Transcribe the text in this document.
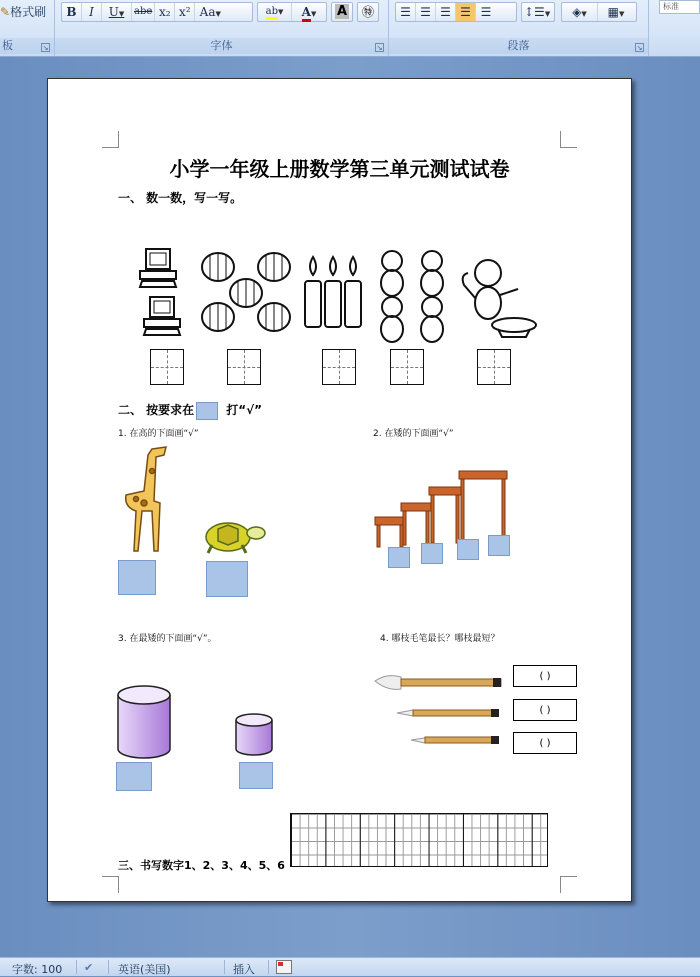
✎格式刷
板	↘
B I U▼ abe x₂ x² Aa▼	ab▼ A▼	A	㊕
字体	↘
☰ ☰ ☰ ☰ ☰	↕☰▼	◈▼ ▦▼
段落	↘
标准
小学一年级上册数学第三单元测试试卷
一、 数一数，写一写。
二、 按要求在	打“√”
1. 在高的下面画“√”	2. 在矮的下面画“√”
3. 在最矮的下面画“√”。	4. 哪枝毛笔最长？哪枝最短？
( )
( )
( )
三、书写数字1、2、3、4、5、6
字数: 100 ✔ 英语(美国)	插入
